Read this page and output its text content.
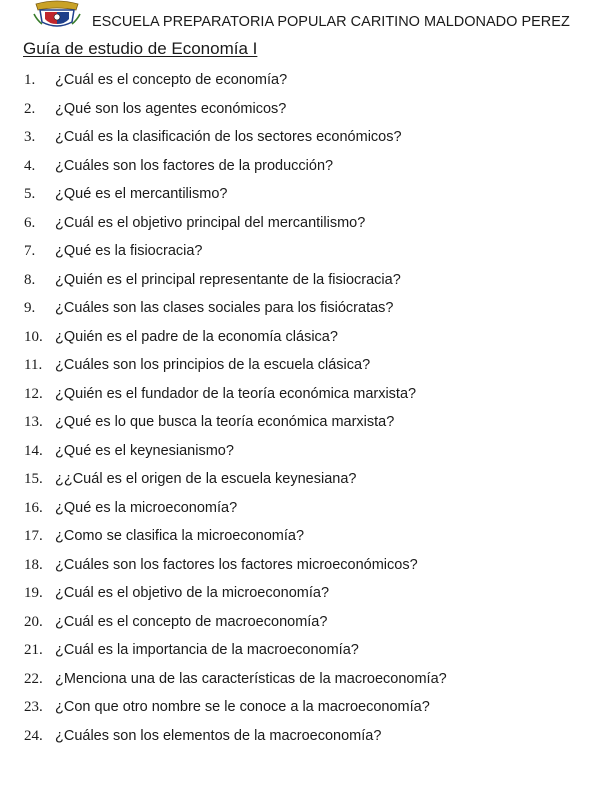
ESCUELA PREPARATORIA POPULAR CARITINO MALDONADO PEREZ
Guía de estudio de Economía I
1. ¿Cuál es el concepto de economía?
2. ¿Qué son los agentes económicos?
3. ¿Cuál es la clasificación de los sectores económicos?
4. ¿Cuáles son los factores de la producción?
5. ¿Qué es el mercantilismo?
6. ¿Cuál es el objetivo principal del mercantilismo?
7. ¿Qué es la fisiocracia?
8. ¿Quién es el principal representante de la fisiocracia?
9. ¿Cuáles son las clases sociales para los fisiócratas?
10. ¿Quién es el padre de la economía clásica?
11. ¿Cuáles son los principios de la escuela clásica?
12. ¿Quién es el fundador de la teoría económica marxista?
13. ¿Qué es lo que busca la teoría económica marxista?
14. ¿Qué es el keynesianismo?
15. ¿¿Cuál es el origen de la escuela keynesiana?
16. ¿Qué es la microeconomía?
17. ¿Como se clasifica la microeconomía?
18. ¿Cuáles son los factores los factores microeconómicos?
19. ¿Cuál es el objetivo de la microeconomía?
20. ¿Cuál es el concepto de macroeconomía?
21. ¿Cuál es la importancia de la macroeconomía?
22. ¿Menciona una de las características de la macroeconomía?
23. ¿Con que otro nombre se le conoce a la macroeconomía?
24. ¿Cuáles son los elementos de la macroeconomía?
